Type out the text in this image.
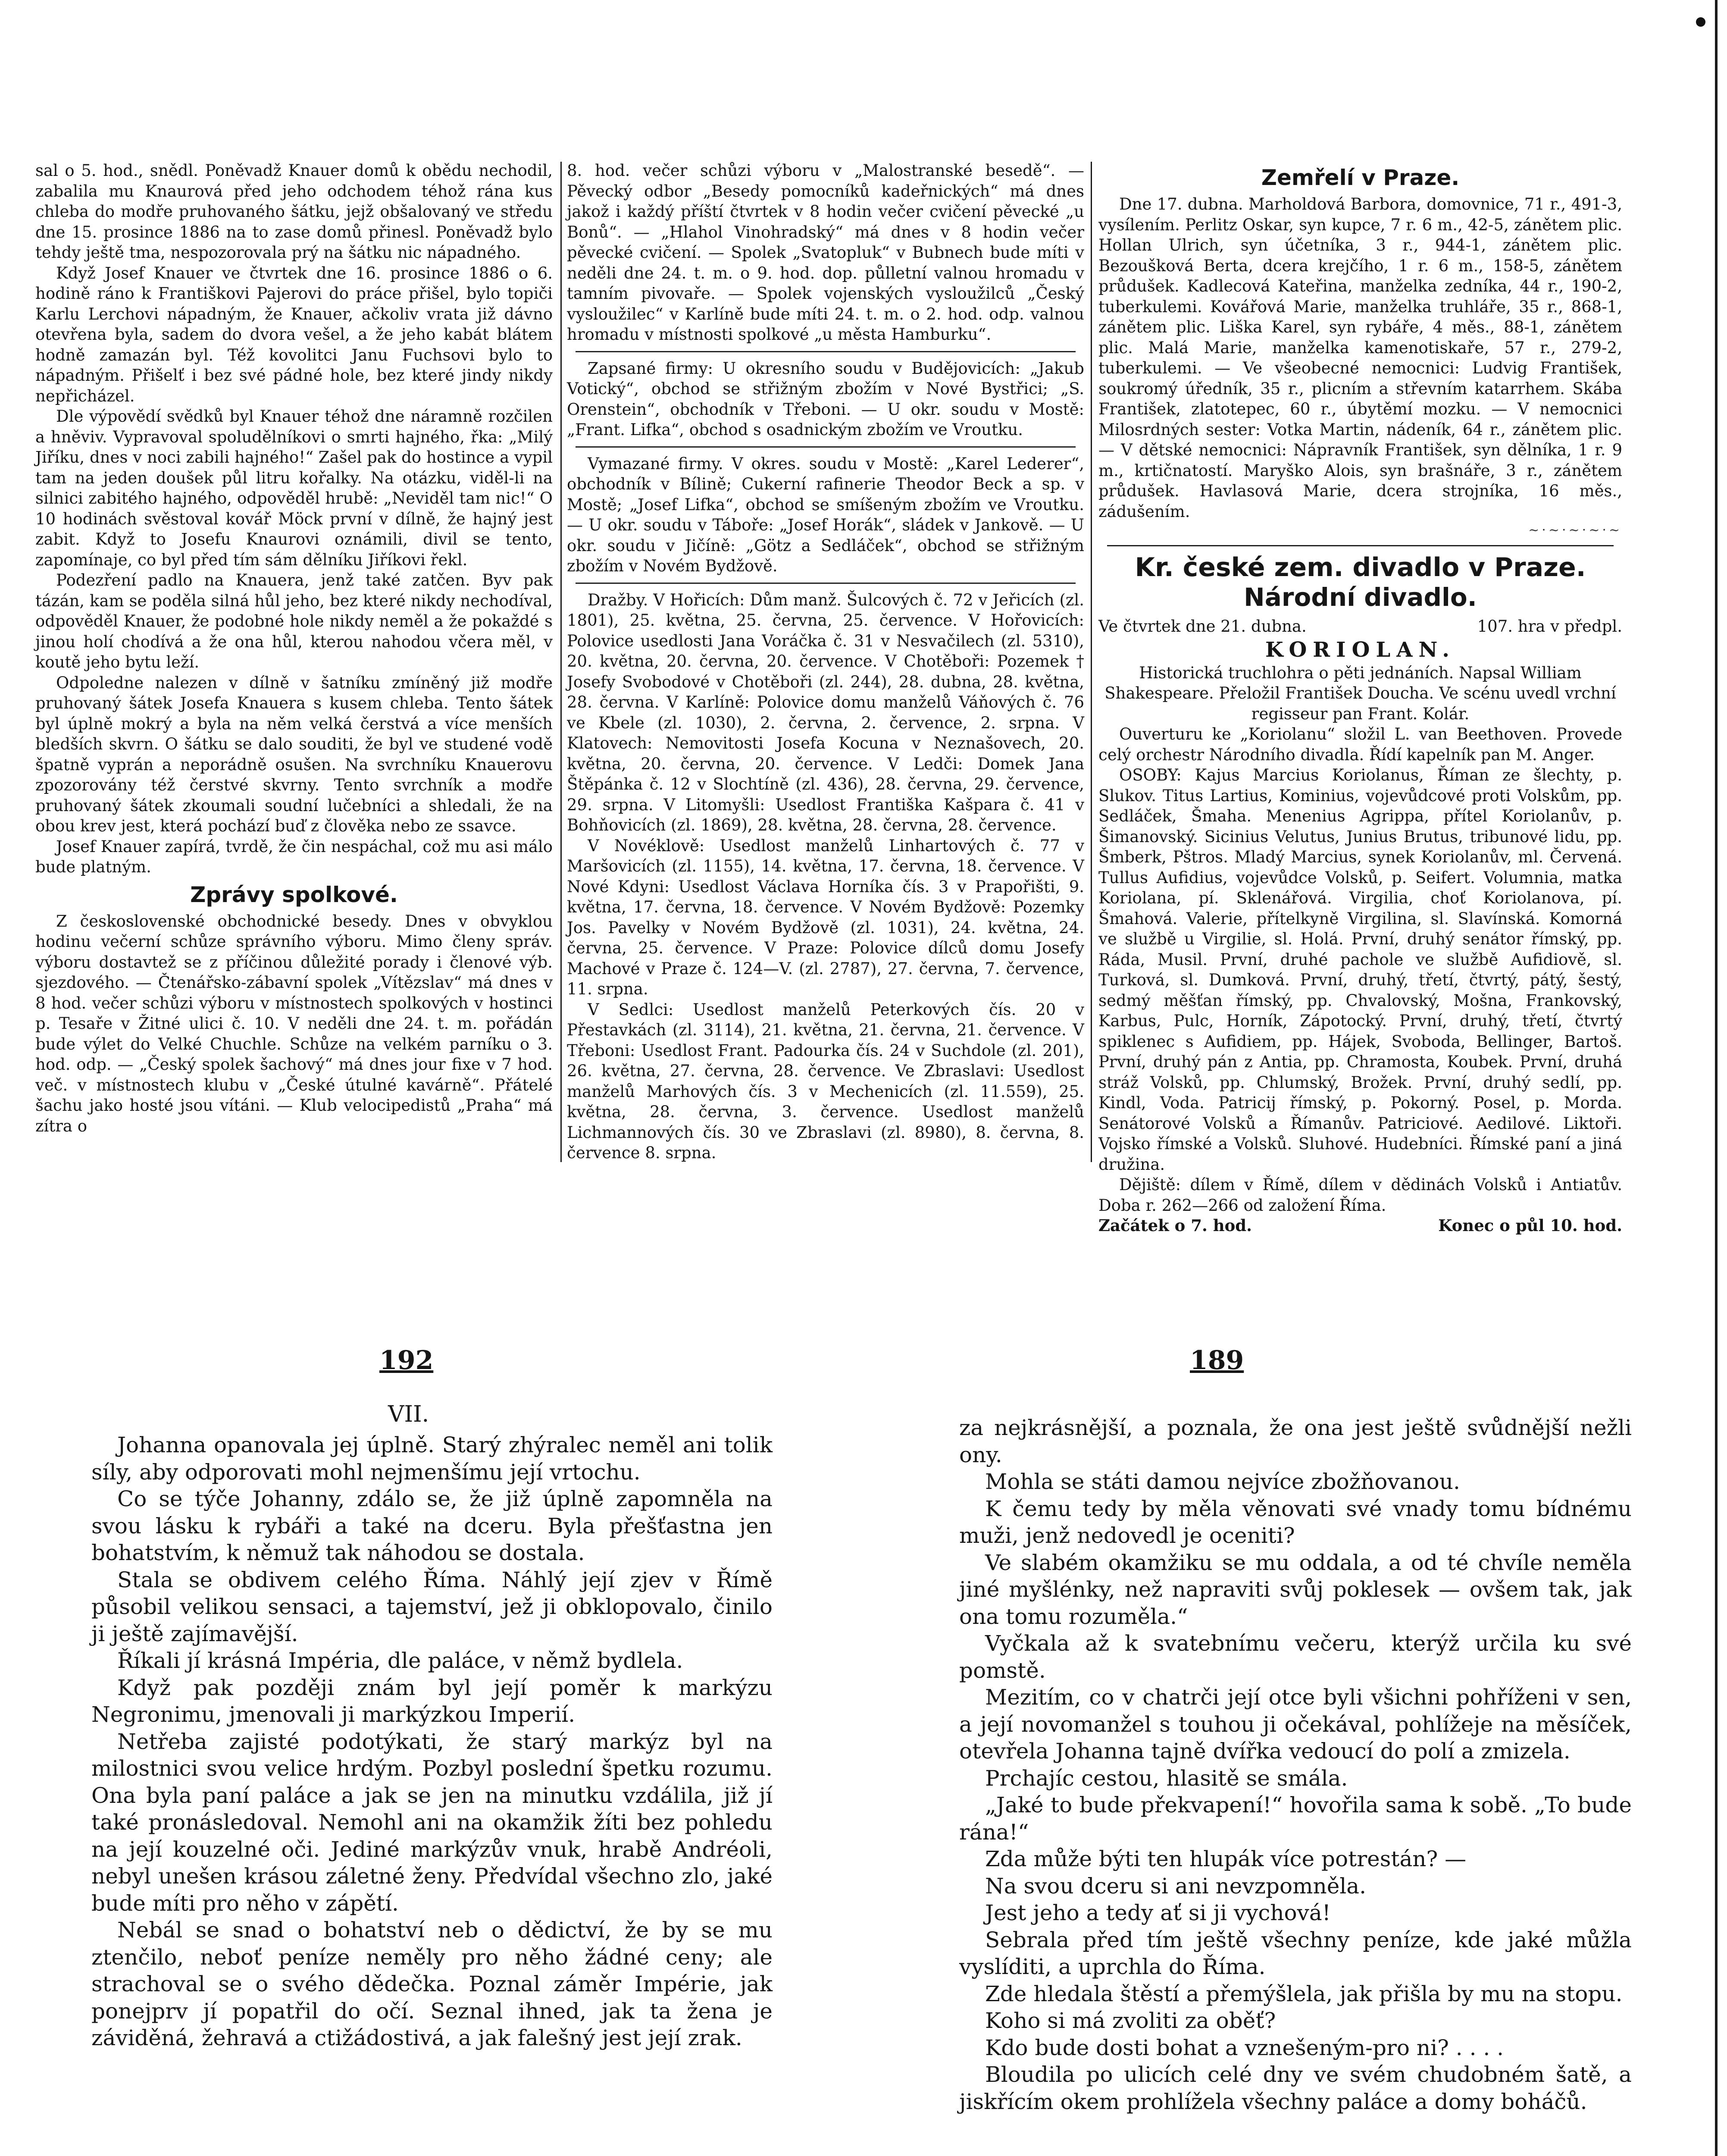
sal o 5. hod., snědl. Poněvadž Knauer domů k obědu nechodil, zabalila mu Knaurová před jeho odchodem téhož rána kus chleba do modře pruhovaného šátku, jejž obšalovaný ve středu dne 15. prosince 1886 na to zase domů přinesl. Poněvadž bylo tehdy ještě tma, nespozorovala prý na šátku nic nápadného.

Když Josef Knauer ve čtvrtek dne 16. prosince 1886 o 6. hodině ráno k Františkovi Pajerovi do práce přišel, bylo topiči Karlu Lerchovi nápadným, že Knauer, ačkoliv vrata již dávno otevřena byla, sadem do dvora vešel, a že jeho kabát blátem hodně zamazán byl. Též kovolitci Janu Fuchsovi bylo to nápadným. Přišelť i bez své pádné hole, bez které jindy nikdy nepřicházel.

Dle výpovědí svědků byl Knauer téhož dne náramně rozčilen a hněviv. Vypravoval spoludělníkovi o smrti hajného, řka: „Milý Jiříku, dnes v noci zabili hajného!“ Zašel pak do hostince a vypil tam na jeden doušek půl litru kořalky. Na otázku, viděl-li na silnici zabitého hajného, odpověděl hrubě: „Neviděl tam nic!“ O 10 hodinách svěstoval kovář Möck první v dílně, že hajný jest zabit. Když to Josefu Knaurovi oznámili, divil se tento, zapomínaje, co byl před tím sám dělníku Jiříkovi řekl.

Podezření padlo na Knauera, jenž také zatčen. Byv pak tázán, kam se poděla silná hůl jeho, bez které nikdy nechodíval, odpověděl Knauer, že podobné hole nikdy neměl a že pokaždé s jinou holí chodívá a že ona hůl, kterou nahodou včera měl, v koutě jeho bytu leží.

Odpoledne nalezen v dílně v šatníku zmíněný již modře pruhovaný šátek Josefa Knauera s kusem chleba. Tento šátek byl úplně mokrý a byla na něm velká čerstvá a více menších bledších skvrn. O šátku se dalo souditi, že byl ve studené vodě špatně vyprán a neporádně osušen. Na svrchníku Knauerovu zpozorovány též čerstvé skvrny. Tento svrchník a modře pruhovaný šátek zkoumali soudní lučebníci a shledali, že na obou krev jest, která pochází buď z člověka nebo ze ssavce.

Josef Knauer zapírá, tvrdě, že čin nespáchal, což mu asi málo bude platným.

Zprávy spolkové.

Z československé obchodnické besedy. Dnes v obvyklou hodinu večerní schůze správního výboru. Mimo členy správ. výboru dostavtež se z příčinou důležité porady i členové výb. sjezdového. — Čtenářsko-zábavní spolek „Vítězslav“ má dnes v 8 hod. večer schůzi výboru v místnostech spolkových v hostinci p. Tesaře v Žitné ulici č. 10. V neděli dne 24. t. m. pořádán bude výlet do Velké Chuchle. Schůze na velkém parníku o 3. hod. odp. — „Český spolek šachový“ má dnes jour fixe v 7 hod. več. v místnostech klubu v „České útulné kavárně“. Přátelé šachu jako hosté jsou vítáni. — Klub velocipedistů „Praha“ má zítra o

8. hod. večer schůzi výboru v „Malostranské besedě“. — Pěvecký odbor „Besedy pomocníků kadeřnických“ má dnes jakož i každý příští čtvrtek v 8 hodin večer cvičení pěvecké „u Bonů“. — „Hlahol Vinohradský“ má dnes v 8 hodin večer pěvecké cvičení. — Spolek „Svatopluk“ v Bubnech bude míti v neděli dne 24. t. m. o 9. hod. dop. půlletní valnou hromadu v tamním pivovaře. — Spolek vojenských vysloužilců „Český vysloužilec“ v Karlíně bude míti 24. t. m. o 2. hod. odp. valnou hromadu v místnosti spolkové „u města Hamburku“.

Zapsané firmy: U okresního soudu v Budějovicích: „Jakub Votický“, obchod se střižným zbožím v Nové Bystřici; „S. Orenstein“, obchodník v Třeboni. — U okr. soudu v Mostě: „Frant. Lifka“, obchod s osadnickým zbožím ve Vroutku.

Vymazané firmy. V okres. soudu v Mostě: „Karel Lederer“, obchodník v Bílině; Cukerní rafinerie Theodor Beck a sp. v Mostě; „Josef Lifka“, obchod se smíšeným zbožím ve Vroutku. — U okr. soudu v Táboře: „Josef Horák“, sládek v Jankově. — U okr. soudu v Jičíně: „Götz a Sedláček“, obchod se střižným zbožím v Novém Bydžově.

Dražby. V Hořicích: Dům manž. Šulcových č. 72 v Jeřicích (zl. 1801), 25. května, 25. června, 25. července. V Hořovicích: Polovice usedlosti Jana Voráčka č. 31 v Nesvačilech (zl. 5310), 20. května, 20. června, 20. července. V Chotěboři: Pozemek † Josefy Svobodové v Chotěboři (zl. 244), 28. dubna, 28. května, 28. června. V Karlíně: Polovice domu manželů Váňových č. 76 ve Kbele (zl. 1030), 2. června, 2. července, 2. srpna. V Klatovech: Nemovitosti Josefa Kocuna v Neznašovech, 20. května, 20. června, 20. července. V Ledči: Domek Jana Štěpánka č. 12 v Slochtíně (zl. 436), 28. června, 29. července, 29. srpna. V Litomyšli: Usedlost Františka Kašpara č. 41 v Bohňovicích (zl. 1869), 28. května, 28. června, 28. července.

V Novéklově: Usedlost manželů Linhartových č. 77 v Maršovicích (zl. 1155), 14. května, 17. června, 18. července. V Nové Kdyni: Usedlost Václava Horníka čís. 3 v Prapořišti, 9. května, 17. června, 18. července. V Novém Bydžově: Pozemky Jos. Pavelky v Novém Bydžově (zl. 1031), 24. května, 24. června, 25. července. V Praze: Polovice dílců domu Josefy Machové v Praze č. 124—V. (zl. 2787), 27. června, 7. července, 11. srpna.

V Sedlci: Usedlost manželů Peterkových čís. 20 v Přestavkách (zl. 3114), 21. května, 21. června, 21. července. V Třeboni: Usedlost Frant. Padourka čís. 24 v Suchdole (zl. 201), 26. května, 27. června, 28. července. Ve Zbraslavi: Usedlost manželů Marhových čís. 3 v Mechenicích (zl. 11.559), 25. května, 28. června, 3. července. Usedlost manželů Lichmannových čís. 30 ve Zbraslavi (zl. 8980), 8. června, 8. července 8. srpna.

Zemřelí v Praze.

Dne 17. dubna. Marholdová Barbora, domovnice, 71 r., 491-3, vysílením. Perlitz Oskar, syn kupce, 7 r. 6 m., 42-5, zánětem plic. Hollan Ulrich, syn účetníka, 3 r., 944-1, zánětem plic. Bezoušková Berta, dcera krejčího, 1 r. 6 m., 158-5, zánětem průdušek. Kadlecová Kateřina, manželka zedníka, 44 r., 190-2, tuberkulemi. Kovářová Marie, manželka truhláře, 35 r., 868-1, zánětem plic. Liška Karel, syn rybáře, 4 měs., 88-1, zánětem plic. Malá Marie, manželka kamenotiskaře, 57 r., 279-2, tuberkulemi. — Ve všeobecné nemocnici: Ludvig František, soukromý úředník, 35 r., plicním a střevním katarrhem. Skába František, zlatotepec, 60 r., úbytěmí mozku. — V nemocnici Milosrdných sester: Votka Martin, nádeník, 64 r., zánětem plic. — V dětské nemocnici: Nápravník František, syn dělníka, 1 r. 9 m., krtičnatostí. Maryško Alois, syn brašnáře, 3 r., zánětem průdušek. Havlasová Marie, dcera strojníka, 16 měs., zádušením.

~·~·~·~·~
Kr. české zem. divadlo v Praze.
Národní divadlo.
Ve čtvrtek dne 21. dubna.	107. hra v předpl.
KORIOLAN.

Historická truchlohra o pěti jednáních. Napsal William Shakespeare. Přeložil František Doucha. Ve scénu uvedl vrchní regisseur pan Frant. Kolár.

Ouverturu ke „Koriolanu“ složil L. van Beethoven. Provede celý orchestr Národního divadla. Řídí kapelník pan M. Anger.

OSOBY: Kajus Marcius Koriolanus, Říman ze šlechty, p. Slukov. Titus Lartius, Kominius, vojevůdcové proti Volskům, pp. Sedláček, Šmaha. Menenius Agrippa, přítel Koriolanův, p. Šimanovský. Sicinius Velutus, Junius Brutus, tribunové lidu, pp. Šmberk, Pštros. Mladý Marcius, synek Koriolanův, ml. Červená. Tullus Aufidius, vojevůdce Volsků, p. Seifert. Volumnia, matka Koriolana, pí. Sklenářová. Virgilia, choť Koriolanova, pí. Šmahová. Valerie, přítelkyně Virgilina, sl. Slavínská. Komorná ve službě u Virgilie, sl. Holá. První, druhý senátor římský, pp. Ráda, Musil. První, druhé pachole ve službě Aufidiově, sl. Turková, sl. Dumková. První, druhý, třetí, čtvrtý, pátý, šestý, sedmý měšťan římský, pp. Chvalovský, Mošna, Frankovský, Karbus, Pulc, Horník, Zápotocký. První, druhý, třetí, čtvrtý spiklenec s Aufidiem, pp. Hájek, Svoboda, Bellinger, Bartoš. První, druhý pán z Antia, pp. Chramosta, Koubek. První, druhá stráž Volsků, pp. Chlumský, Brožek. První, druhý sedlí, pp. Kindl, Voda. Patricij římský, p. Pokorný. Posel, p. Morda. Senátorové Volsků a Římanův. Patriciové. Aedilové. Liktoři. Vojsko římské a Volsků. Sluhové. Hudebníci. Římské paní a jiná družina.

Dějiště: dílem v Římě, dílem v dědinách Volsků i Antiatův. Doba r. 262—266 od založení Říma.

Začátek o 7. hod.	Konec o půl 10. hod.
192
VII.

Johanna opanovala jej úplně. Starý zhýralec neměl ani tolik síly, aby odporovati mohl nejmenšímu její vrtochu.

Co se týče Johanny, zdálo se, že již úplně zapomněla na svou lásku k rybáři a také na dceru. Byla přešťastna jen bohatstvím, k němuž tak náhodou se dostala.

Stala se obdivem celého Říma. Náhlý její zjev v Římě působil velikou sensaci, a tajemství, jež ji obklopovalo, činilo ji ještě zajímavější.

Říkali jí krásná Impéria, dle paláce, v němž bydlela.

Když pak později znám byl její poměr k markýzu Negronimu, jmenovali ji markýzkou Imperií.

Netřeba zajisté podotýkati, že starý markýz byl na milostnici svou velice hrdým. Pozbyl poslední špetku rozumu. Ona byla paní paláce a jak se jen na minutku vzdálila, již jí také pronásledoval. Nemohl ani na okamžik žíti bez pohledu na její kouzelné oči. Jediné markýzův vnuk, hrabě Andréoli, nebyl unešen krásou záletné ženy. Předvídal všechno zlo, jaké bude míti pro něho v zápětí.

Nebál se snad o bohatství neb o dědictví, že by se mu ztenčilo, neboť peníze neměly pro něho žádné ceny; ale strachoval se o svého dědečka. Poznal záměr Impérie, jak ponejprv jí popatřil do očí. Seznal ihned, jak ta žena je záviděná, žehravá a ctižádostivá, a jak falešný jest její zrak.

189

za nejkrásnější, a poznala, že ona jest ještě svůdnější nežli ony.

Mohla se státi damou nejvíce zbožňovanou.

K čemu tedy by měla věnovati své vnady tomu bídnému muži, jenž nedovedl je oceniti?

Ve slabém okamžiku se mu oddala, a od té chvíle neměla jiné myšlénky, než napraviti svůj poklesek — ovšem tak, jak ona tomu rozuměla.“

Vyčkala až k svatebnímu večeru, kterýž určila ku své pomstě.

Mezitím, co v chatrči její otce byli všichni pohříženi v sen, a její novomanžel s touhou ji očekával, pohlížeje na měsíček, otevřela Johanna tajně dvířka vedoucí do polí a zmizela.

Prchajíc cestou, hlasitě se smála.

„Jaké to bude překvapení!“ hovořila sama k sobě. „To bude rána!“

Zda může býti ten hlupák více potrestán? —

Na svou dceru si ani nevzpomněla.

Jest jeho a tedy ať si ji vychová!

Sebrala před tím ještě všechny peníze, kde jaké můžla vyslíditi, a uprchla do Říma.

Zde hledala štěstí a přemýšlela, jak přišla by mu na stopu.

Koho si má zvoliti za oběť?

Kdo bude dosti bohat a vznešeným-pro ni? . . . .

Bloudila po ulicích celé dny ve svém chudobném šatě, a jiskřícím okem prohlížela všechny paláce a domy boháčů.
